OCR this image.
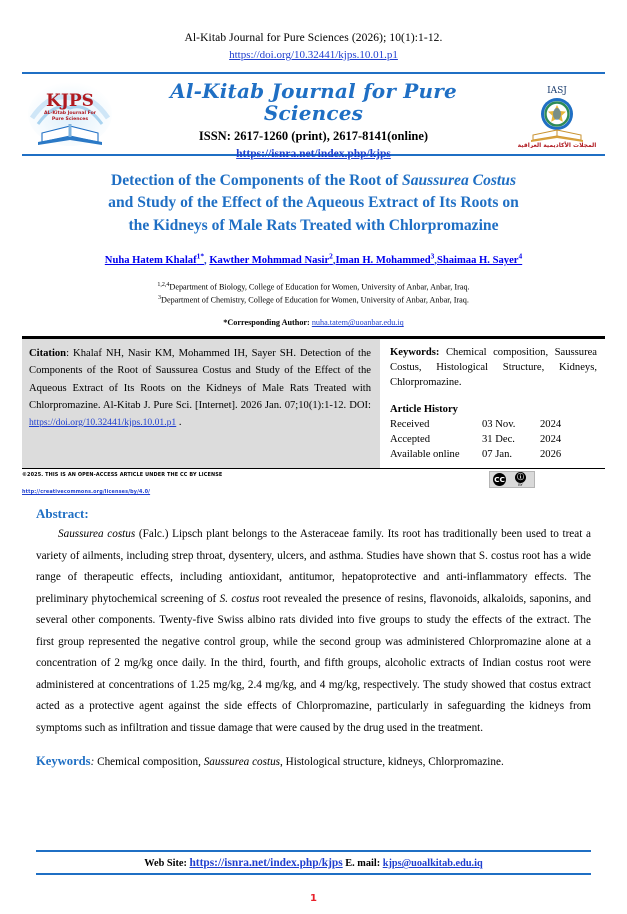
Al-Kitab Journal for Pure Sciences (2026); 10(1):1-12.
https://doi.org/10.32441/kjps.10.01.p1
KJPS
AL-Kitab Journal For
Pure Sciences
Al-Kitab Journal for Pure Sciences
ISSN: 2617-1260 (print), 2617-8141(online)
https://isnra.net/index.php/kjps
IASJ
المجلات الأكاديمية العراقية
Detection of the Components of the Root of Saussurea Costus
and Study of the Effect of the Aqueous Extract of Its Roots on
the Kidneys of Male Rats Treated with Chlorpromazine
Nuha Hatem Khalaf$^{1*}$, Kawther Mohmmad Nasir$^2$,Iman H. Mohammed$^3$,Shaimaa H. Sayer$^4$
$^{1,2,4}$Department of Biology, College of Education for Women, University of Anbar, Anbar, Iraq.
$^3$Department of Chemistry, College of Education for Women, University of Anbar, Anbar, Iraq.
*Corresponding Author: nuha.tatem@uoanbar.edu.iq
Citation: Khalaf NH, Nasir KM, Mohammed IH, Sayer SH. Detection of the Components of the Root of Saussurea Costus and Study of the Effect of the Aqueous Extract of Its Roots on the Kidneys of Male Rats Treated with Chlorpromazine. Al-Kitab J. Pure Sci. [Internet]. 2026 Jan. 07;10(1):1-12. DOI: https://doi.org/10.32441/kjps.10.01.p1 .
Keywords: Chemical composition, Saussurea Costus, Histological Structure, Kidneys, Chlorpromazine.
Article History
Received	03 Nov.	2024
Accepted	31 Dec.	2024
Available online	07 Jan.	2026
©2025. THIS IS AN OPEN-ACCESS ARTICLE UNDER THE CC BY LICENSE
http://creativecommons.org/licenses/by/4.0/
CC ⓘ
BY
Abstract:
Saussurea costus (Falc.) Lipsch plant belongs to the Asteraceae family. Its root has traditionally been used to treat a variety of ailments, including strep throat, dysentery, ulcers, and asthma. Studies have shown that S. costus root has a wide range of therapeutic effects, including antioxidant, antitumor, hepatoprotective and anti-inflammatory effects. The preliminary phytochemical screening of S. costus root revealed the presence of resins, flavonoids, alkaloids, saponins, and several other components. Twenty-five Swiss albino rats divided into five groups to study the effects of the extract. The first group represented the negative control group, while the second group was administered Chlorpromazine alone at a concentration of 2 mg/kg once daily. In the third, fourth, and fifth groups, alcoholic extracts of Indian costus root were administered at concentrations of 1.25 mg/kg, 2.4 mg/kg, and 4 mg/kg, respectively. The study showed that costus extract acted as a protective agent against the side effects of Chlorpromazine, particularly in safeguarding the kidneys from symptoms such as infiltration and tissue damage that were caused by the drug used in the treatment.
Keywords: Chemical composition, Saussurea costus, Histological structure, kidneys, Chlorpromazine.
Web Site: https://isnra.net/index.php/kjps E. mail: kjps@uoalkitab.edu.iq
1
